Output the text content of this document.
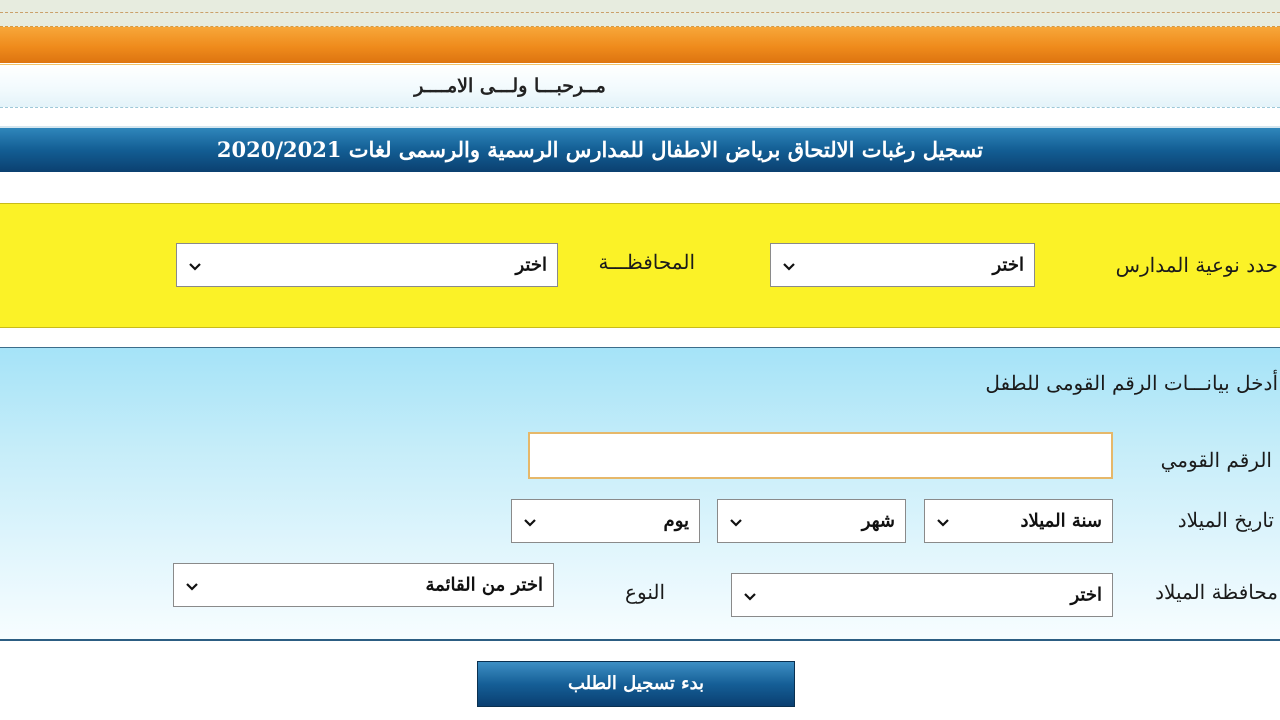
مــرحبـــا ولـــى الامــــر
تسجيل رغبات الالتحاق برياض الاطفال للمدارس الرسمية والرسمى لغات 2020/2021
حدد نوعية المدارس
اختر
المحافظـــة
اختر
أدخل بيانـــات الرقم القومى للطفل
الرقم القومي
تاريخ الميلاد
سنة الميلاد
شهر
يوم
محافظة الميلاد
اختر
النوع
اختر من القائمة
بدء تسجيل الطلب
